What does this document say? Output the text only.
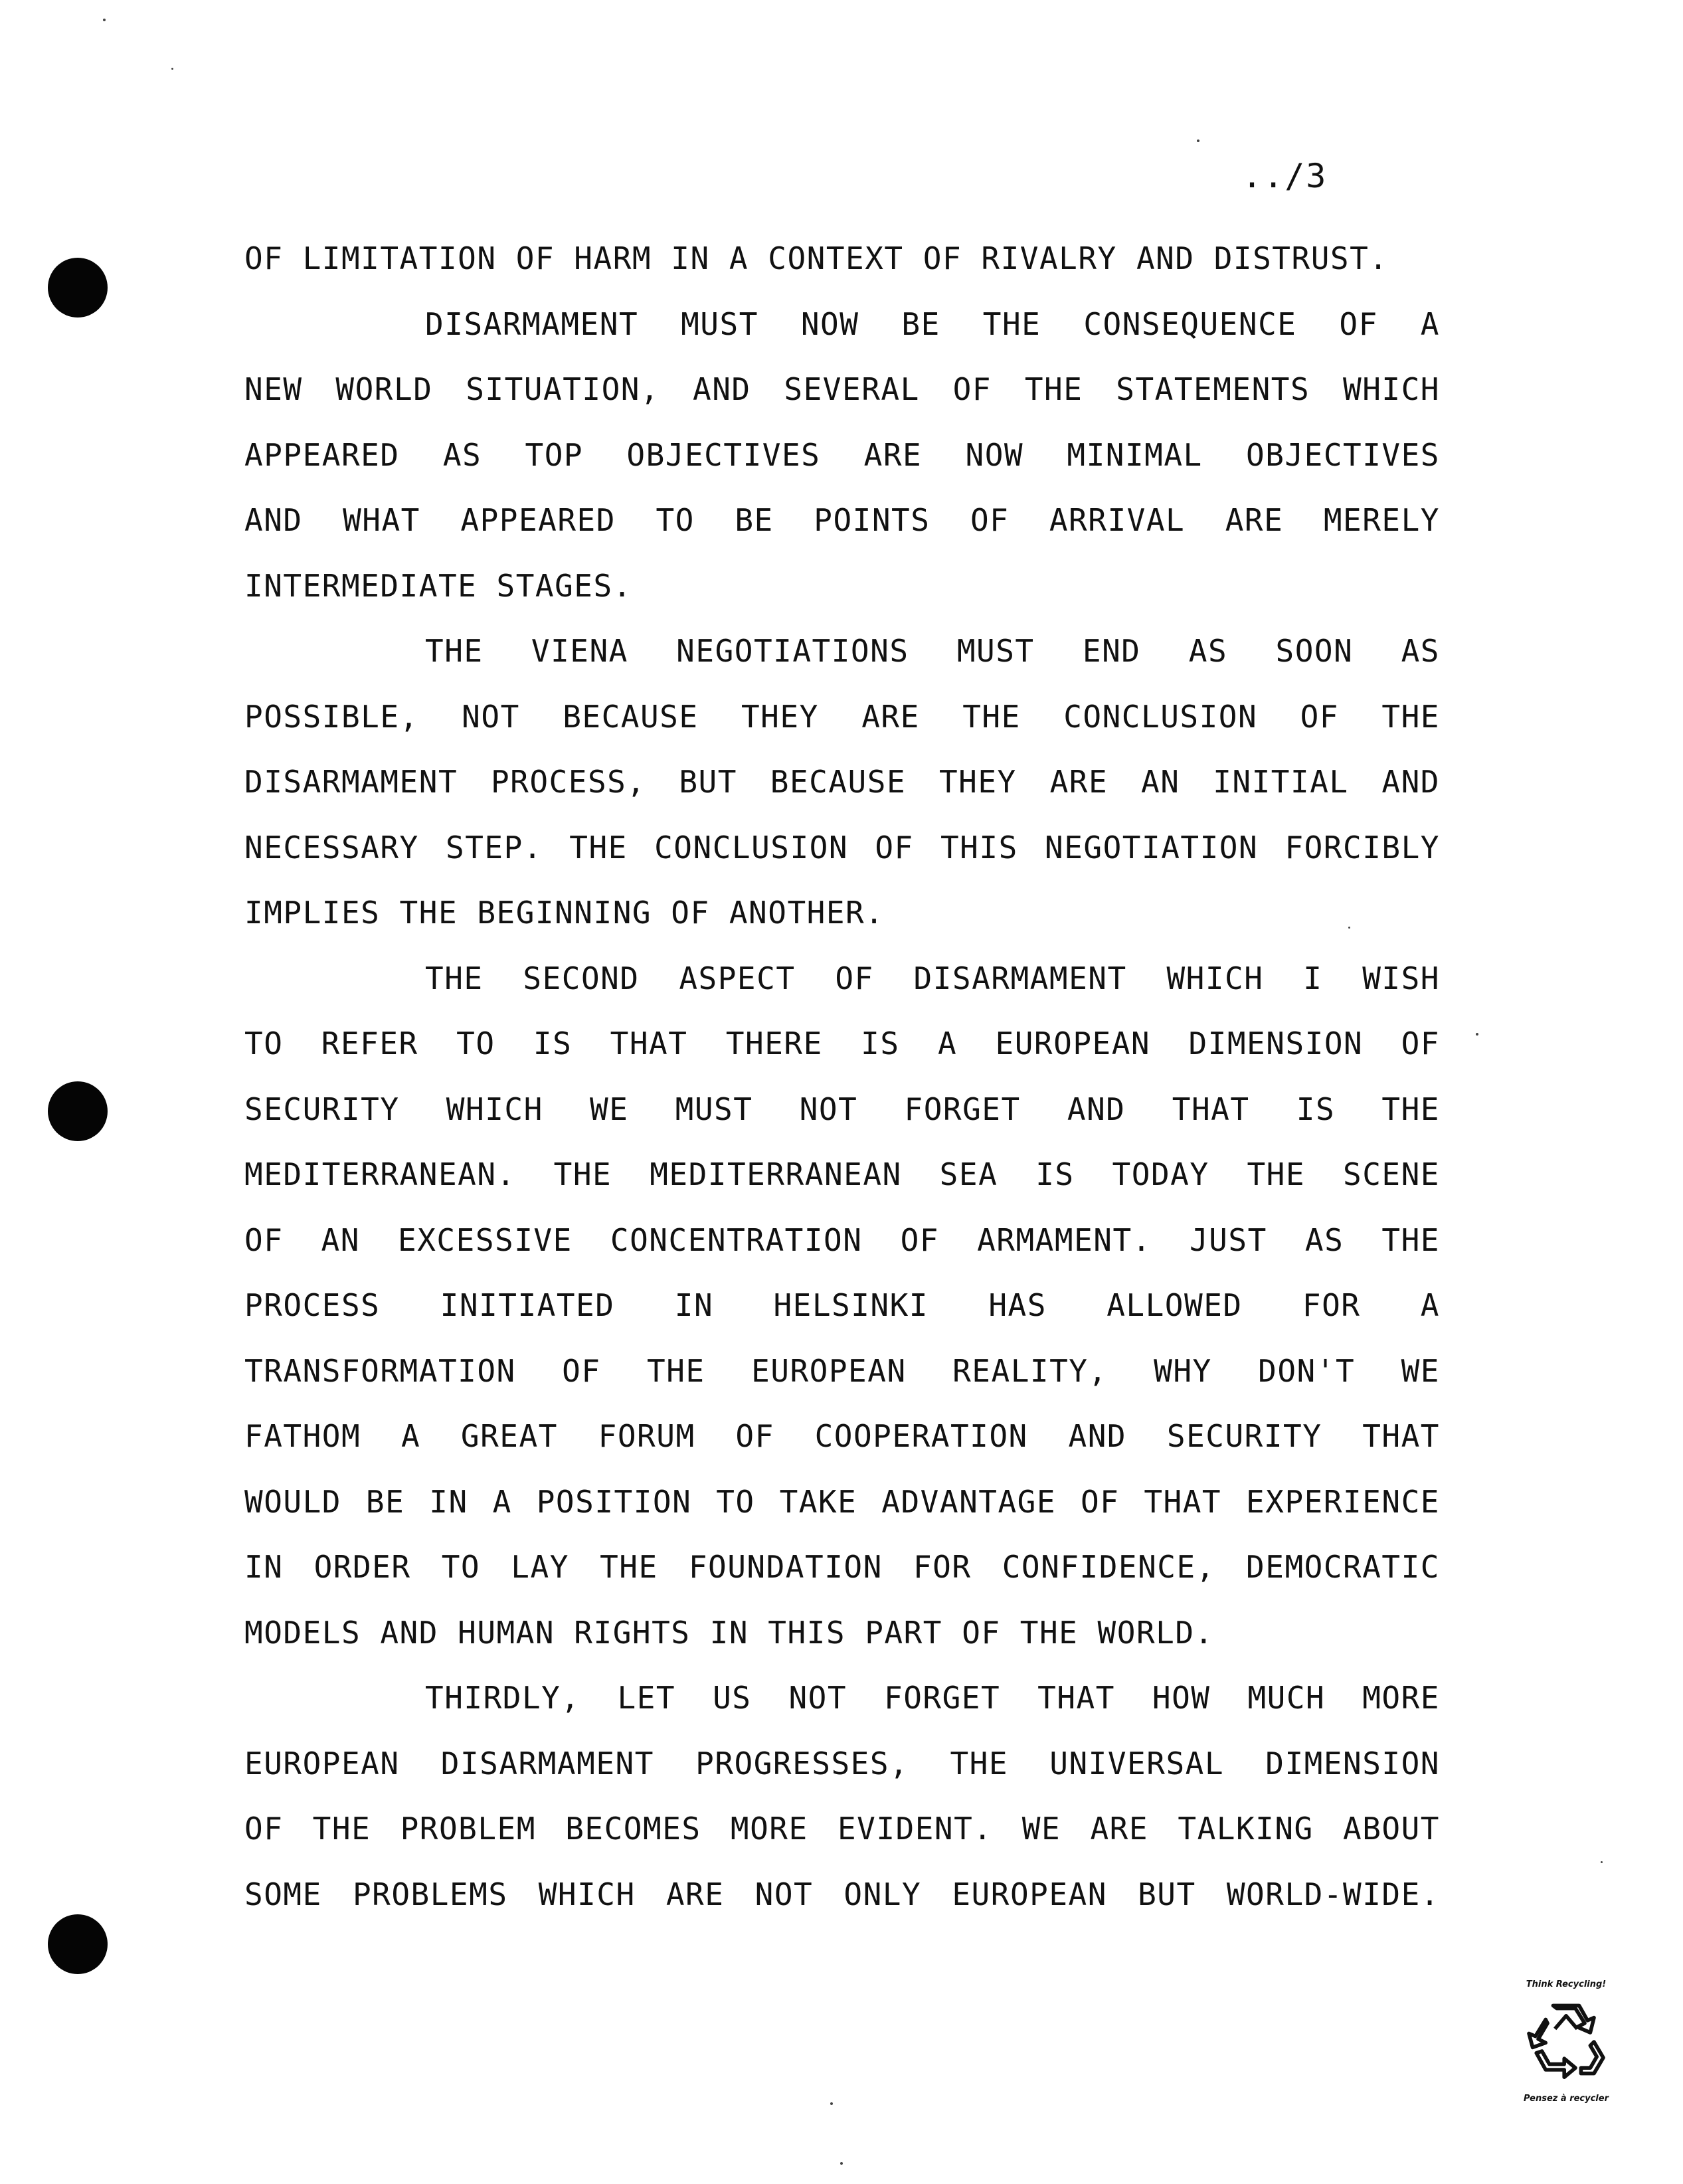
../3
OF LIMITATION OF HARM IN A CONTEXT OF RIVALRY AND DISTRUST.
DISARMAMENT MUST NOW BE THE CONSEQUENCE OF A
NEW WORLD SITUATION, AND SEVERAL OF THE STATEMENTS WHICH
APPEARED AS TOP OBJECTIVES ARE NOW MINIMAL OBJECTIVES
AND WHAT APPEARED TO BE POINTS OF ARRIVAL ARE MERELY
INTERMEDIATE STAGES.
THE VIENA NEGOTIATIONS MUST END AS SOON AS
POSSIBLE, NOT BECAUSE THEY ARE THE CONCLUSION OF THE
DISARMAMENT PROCESS, BUT BECAUSE THEY ARE AN INITIAL AND
NECESSARY STEP. THE CONCLUSION OF THIS NEGOTIATION FORCIBLY
IMPLIES THE BEGINNING OF ANOTHER.
THE SECOND ASPECT OF DISARMAMENT WHICH I WISH
TO REFER TO IS THAT THERE IS A EUROPEAN DIMENSION OF
SECURITY WHICH WE MUST NOT FORGET AND THAT IS THE
MEDITERRANEAN. THE MEDITERRANEAN SEA IS TODAY THE SCENE
OF AN EXCESSIVE CONCENTRATION OF ARMAMENT. JUST AS THE
PROCESS INITIATED IN HELSINKI HAS ALLOWED FOR A
TRANSFORMATION OF THE EUROPEAN REALITY, WHY DON'T WE
FATHOM A GREAT FORUM OF COOPERATION AND SECURITY THAT
WOULD BE IN A POSITION TO TAKE ADVANTAGE OF THAT EXPERIENCE
IN ORDER TO LAY THE FOUNDATION FOR CONFIDENCE, DEMOCRATIC
MODELS AND HUMAN RIGHTS IN THIS PART OF THE WORLD.
THIRDLY, LET US NOT FORGET THAT HOW MUCH MORE
EUROPEAN DISARMAMENT PROGRESSES, THE UNIVERSAL DIMENSION
OF THE PROBLEM BECOMES MORE EVIDENT. WE ARE TALKING ABOUT
SOME PROBLEMS WHICH ARE NOT ONLY EUROPEAN BUT WORLD-WIDE.
Think Recycling!
Pensez à recycler
